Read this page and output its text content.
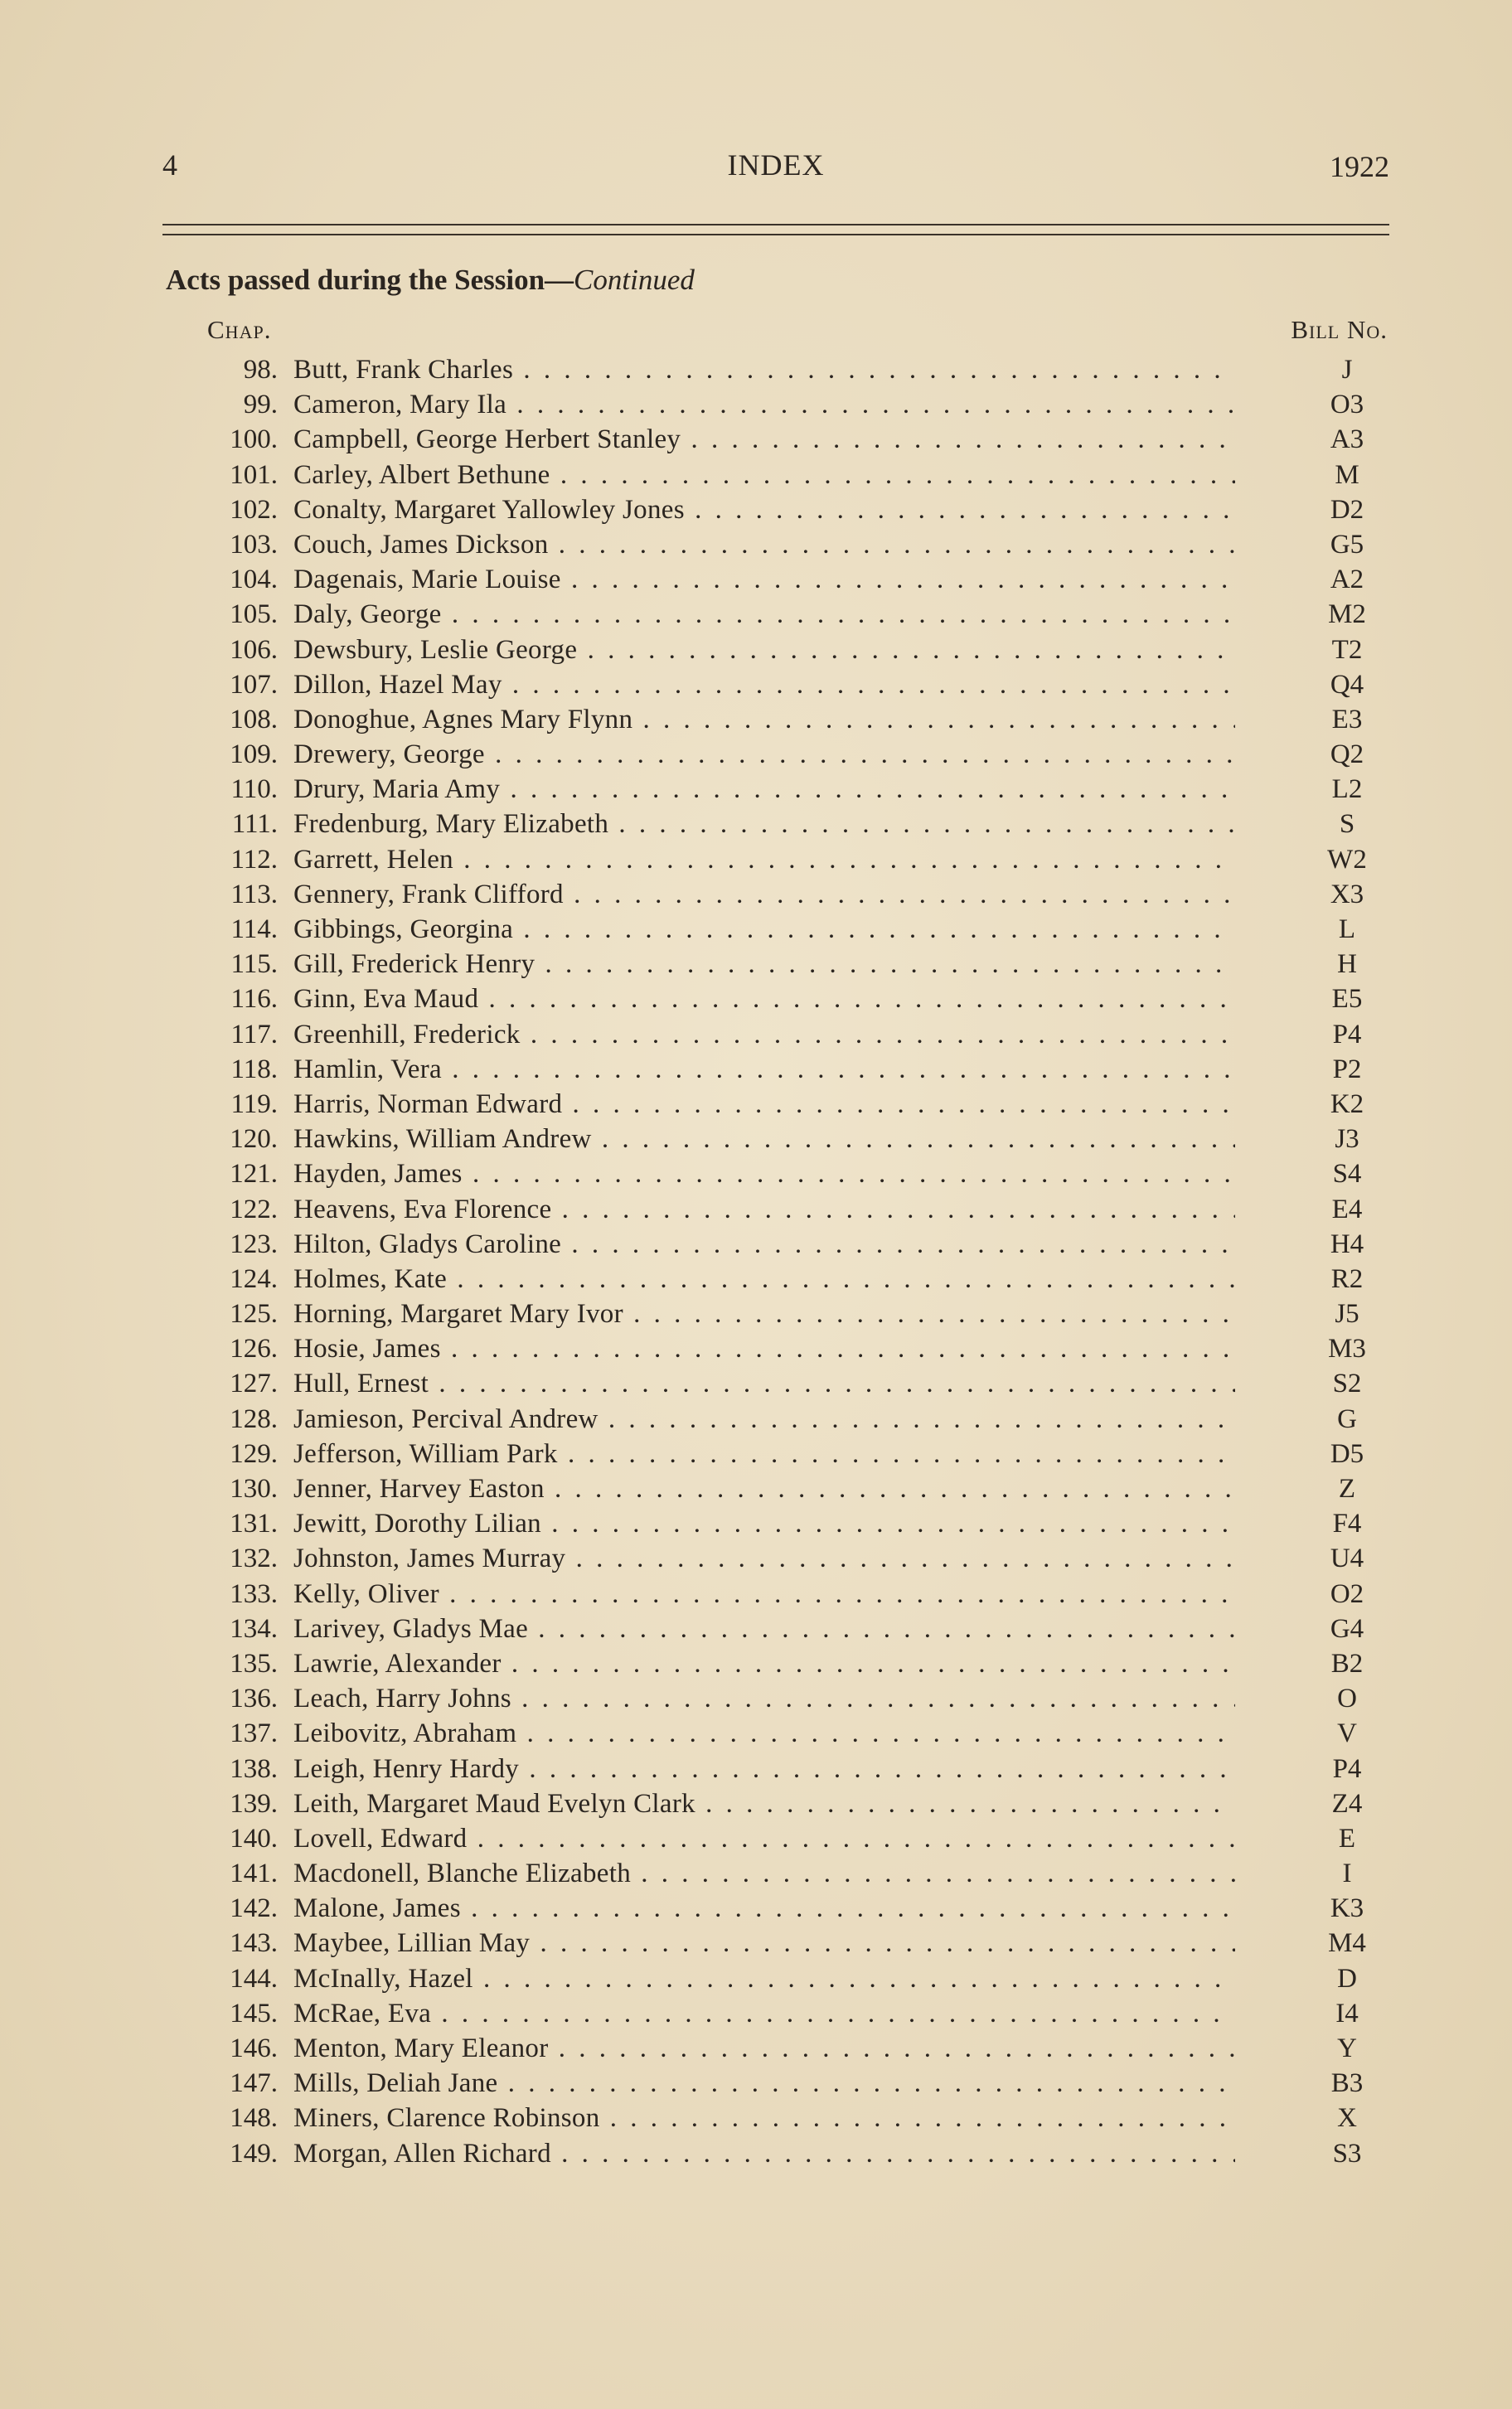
4	INDEX	1922
Acts passed during the Session—Continued
Chap.	Bill No.
98. Butt, Frank Charles . . .	J
99. Cameron, Mary Ila . . .	O3
100. Campbell, George Herbert Stanley . . .	A3
101. Carley, Albert Bethune . . .	M
102. Conalty, Margaret Yallowley Jones . . .	D2
103. Couch, James Dickson . . .	G5
104. Dagenais, Marie Louise . . .	A2
105. Daly, George . . .	M2
106. Dewsbury, Leslie George . . .	T2
107. Dillon, Hazel May . . .	Q4
108. Donoghue, Agnes Mary Flynn . . .	E3
109. Drewery, George . . .	Q2
110. Drury, Maria Amy . . .	L2
111. Fredenburg, Mary Elizabeth . . .	S
112. Garrett, Helen . . .	W2
113. Gennery, Frank Clifford . . .	X3
114. Gibbings, Georgina . . .	L
115. Gill, Frederick Henry . . .	H
116. Ginn, Eva Maud . . .	E5
117. Greenhill, Frederick . . .	P4
118. Hamlin, Vera . . .	P2
119. Harris, Norman Edward . . .	K2
120. Hawkins, William Andrew . . .	J3
121. Hayden, James . . .	S4
122. Heavens, Eva Florence . . .	E4
123. Hilton, Gladys Caroline . . .	H4
124. Holmes, Kate . . .	R2
125. Horning, Margaret Mary Ivor . . .	J5
126. Hosie, James . . .	M3
127. Hull, Ernest . . .	S2
128. Jamieson, Percival Andrew . . .	G
129. Jefferson, William Park . . .	D5
130. Jenner, Harvey Easton . . .	Z
131. Jewitt, Dorothy Lilian . . .	F4
132. Johnston, James Murray . . .	U4
133. Kelly, Oliver . . .	O2
134. Larivey, Gladys Mae . . .	G4
135. Lawrie, Alexander . . .	B2
136. Leach, Harry Johns . . .	O
137. Leibovitz, Abraham . . .	V
138. Leigh, Henry Hardy . . .	P4
139. Leith, Margaret Maud Evelyn Clark . . .	Z4
140. Lovell, Edward . . .	E
141. Macdonell, Blanche Elizabeth . . .	I
142. Malone, James . . .	K3
143. Maybee, Lillian May . . .	M4
144. McInally, Hazel . . .	D
145. McRae, Eva . . .	I4
146. Menton, Mary Eleanor . . .	Y
147. Mills, Deliah Jane . . .	B3
148. Miners, Clarence Robinson . . .	X
149. Morgan, Allen Richard . . .	S3
